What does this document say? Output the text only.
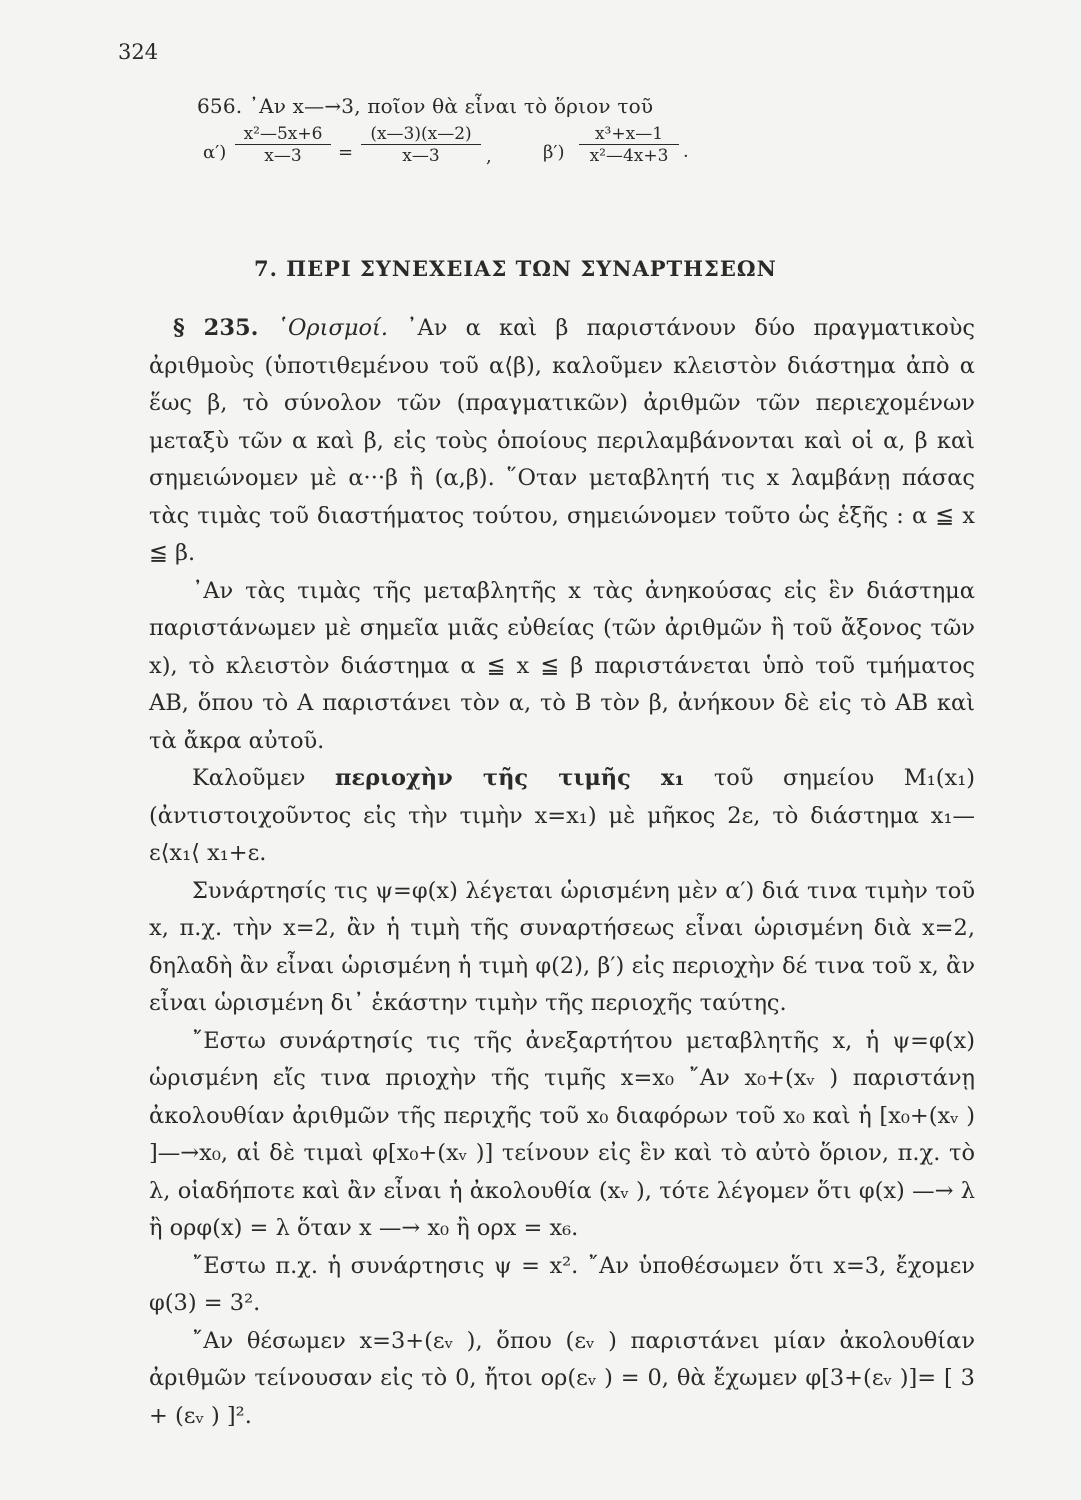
324
656. ᾿Αν x—→3, ποῖον θὰ εἶναι τὸ ὅριον τοῦ
$\alpha') \frac{\text{x²—5x+6}}{x—3} = \frac{(x—3)(x—2)}{x—3}$ ,	$\beta') \frac{\text{x³+x—1}}{\text{x²—4x+3}}$ ·
7. ΠΕΡΙ ΣΥΝΕΧΕΙΑΣ ΤΩΝ ΣΥΝΑΡΤΗΣΕΩΝ

§ 235. ῾Ορισμοί. ᾿Αν α καὶ β παριστάνουν δύο πραγματικοὺς ἀριθμοὺς (ὑποτιθεμένου τοῦ α⟨β), καλοῦμεν κλειστὸν διάστημα ἀπὸ α ἕως β, τὸ σύνολον τῶν (πραγματικῶν) ἀριθμῶν τῶν περιεχομένων μεταξὺ τῶν α καὶ β, εἰς τοὺς ὁποίους περιλαμβάνονται καὶ οἱ α, β καὶ σημειώνομεν μὲ α···β ἢ (α,β). ῞Οταν μεταβλητή τις x λαμβάνῃ πάσας τὰς τιμὰς τοῦ διαστήματος τούτου, σημειώνομεν τοῦτο ὡς ἑξῆς : α ≦ x ≦ β.

᾿Αν τὰς τιμὰς τῆς μεταβλητῆς x τὰς ἀνηκούσας εἰς ἓν διάστημα παριστάνωμεν μὲ σημεῖα μιᾶς εὐθείας (τῶν ἀριθμῶν ἢ τοῦ ἄξονος τῶν x), τὸ κλειστὸν διάστημα α ≦ x ≦ β παριστάνεται ὑπὸ τοῦ τμήματος ΑΒ, ὅπου τὸ Α παριστάνει τὸν α, τὸ Β τὸν β, ἀνήκουν δὲ εἰς τὸ ΑΒ καὶ τὰ ἄκρα αὐτοῦ.

Καλοῦμεν περιοχὴν τῆς τιμῆς x₁ τοῦ σημείου M₁(x₁) (ἀντιστοιχοῦντος εἰς τὴν τιμὴν x=x₁) μὲ μῆκος 2ε, τὸ διάστημα x₁—ε⟨x₁⟨ x₁+ε.

Συνάρτησίς τις ψ=φ(x) λέγεται ὡρισμένη μὲν α′) διά τινα τιμὴν τοῦ x, π.χ. τὴν x=2, ἂν ἡ τιμὴ τῆς συναρτήσεως εἶναι ὡρισμένη διὰ x=2, δηλαδὴ ἂν εἶναι ὡρισμένη ἡ τιμὴ φ(2), β′) εἰς περιοχὴν δέ τινα τοῦ x, ἂν εἶναι ὡρισμένη δι᾿ ἑκάστην τιμὴν τῆς περιοχῆς ταύτης.

῎Εστω συνάρτησίς τις τῆς ἀνεξαρτήτου μεταβλητῆς x, ἡ ψ=φ(x) ὡρισμένη εἴς τινα πριοχὴν τῆς τιμῆς x=x₀ ῎Αν x₀+(xᵥ ) παριστάνῃ ἀκολουθίαν ἀριθμῶν τῆς περιχῆς τοῦ x₀ διαφόρων τοῦ x₀ καὶ ἡ [x₀+(xᵥ ) ]—→x₀, αἱ δὲ τιμαὶ φ[x₀+(xᵥ )] τείνουν εἰς ἓν καὶ τὸ αὐτὸ ὅριον, π.χ. τὸ λ, οἱαδήποτε καὶ ἂν εἶναι ἡ ἀκολουθία (xᵥ ), τότε λέγομεν ὅτι φ(x) —→ λ ἢ ορφ(x) = λ ὅταν x —→ x₀ ἢ ορx = x₆.

῎Εστω π.χ. ἡ συνάρτησις ψ = x². ῎Αν ὑποθέσωμεν ὅτι x=3, ἔχομεν φ(3) = 3².

῎Αν θέσωμεν x=3+(εᵥ ), ὅπου (εᵥ ) παριστάνει μίαν ἀκολουθίαν ἀριθμῶν τείνουσαν εἰς τὸ 0, ἤτοι ορ(εᵥ ) = 0, θὰ ἔχωμεν φ[3+(εᵥ )]= [ 3 + (εᵥ ) ]².
